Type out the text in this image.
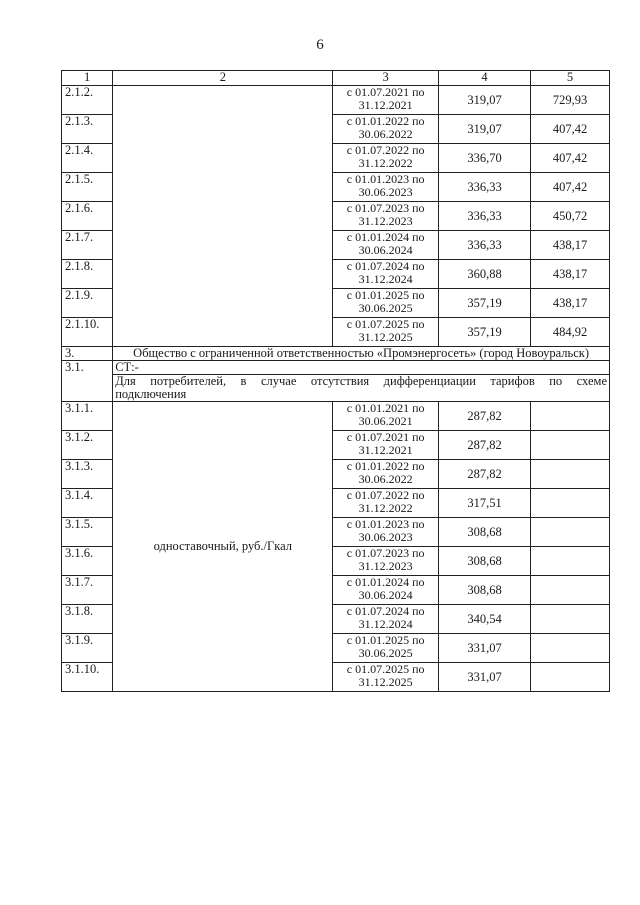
6
1	2	3	4	5
2.1.2.		с 01.07.2021 по 31.12.2021	319,07	729,93
2.1.3.		с 01.01.2022 по 30.06.2022	319,07	407,42
2.1.4.		с 01.07.2022 по 31.12.2022	336,70	407,42
2.1.5.		с 01.01.2023 по 30.06.2023	336,33	407,42
2.1.6.		с 01.07.2023 по 31.12.2023	336,33	450,72
2.1.7.		с 01.01.2024 по 30.06.2024	336,33	438,17
2.1.8.		с 01.07.2024 по 31.12.2024	360,88	438,17
2.1.9.		с 01.01.2025 по 30.06.2025	357,19	438,17
2.1.10.		с 01.07.2025 по 31.12.2025	357,19	484,92
3.	Общество с ограниченной ответственностью «Промэнергосеть» (город Новоуральск)			
3.1.	СТ:-			
	Для потребителей, в случае отсутствия дифференциации тарифов по схеме подключения			
3.1.1.	одноставочный, руб./Гкал	с 01.01.2021 по 30.06.2021	287,82	
3.1.2.		с 01.07.2021 по 31.12.2021	287,82	
3.1.3.		с 01.01.2022 по 30.06.2022	287,82	
3.1.4.		с 01.07.2022 по 31.12.2022	317,51	
3.1.5.		с 01.01.2023 по 30.06.2023	308,68	
3.1.6.		с 01.07.2023 по 31.12.2023	308,68	
3.1.7.		с 01.01.2024 по 30.06.2024	308,68	
3.1.8.		с 01.07.2024 по 31.12.2024	340,54	
3.1.9.		с 01.01.2025 по 30.06.2025	331,07	
3.1.10.		с 01.07.2025 по 31.12.2025	331,07	
